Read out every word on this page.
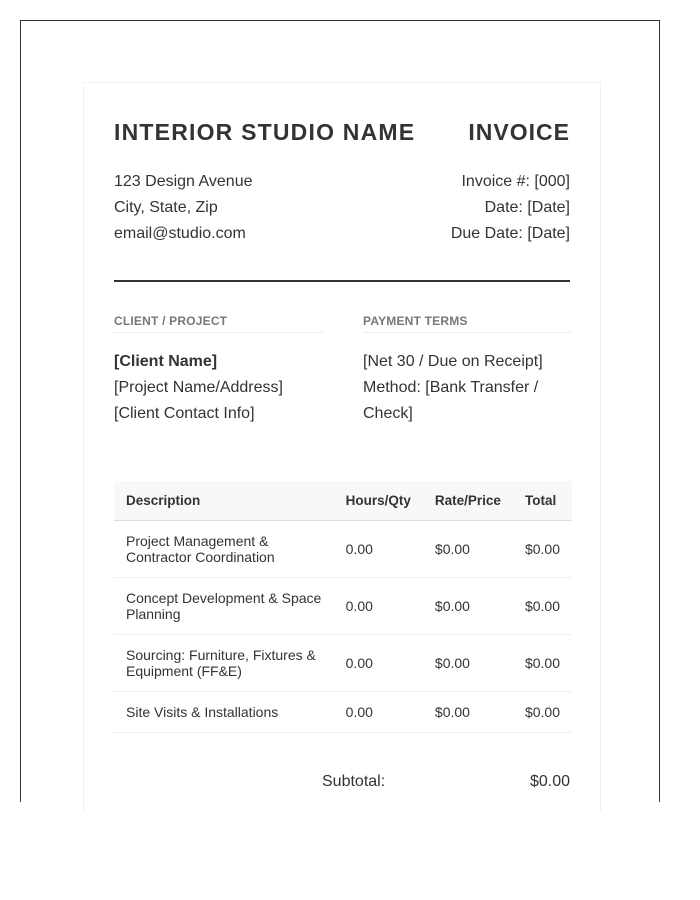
INTERIOR STUDIO NAME INVOICE
123 Design Avenue
City, State, Zip
email@studio.com
Invoice #: [000]
Date: [Date]
Due Date: [Date]
CLIENT / PROJECT
[Client Name]
[Project Name/Address]
[Client Contact Info]
PAYMENT TERMS
[Net 30 / Due on Receipt]
Method: [Bank Transfer / Check]
Description	Hours/Qty	Rate/Price	Total
Project Management & Contractor Coordination	0.00	$0.00	$0.00
Concept Development & Space Planning	0.00	$0.00	$0.00
Sourcing: Furniture, Fixtures & Equipment (FF&E)	0.00	$0.00	$0.00
Site Visits & Installations	0.00	$0.00	$0.00
Subtotal:	$0.00
